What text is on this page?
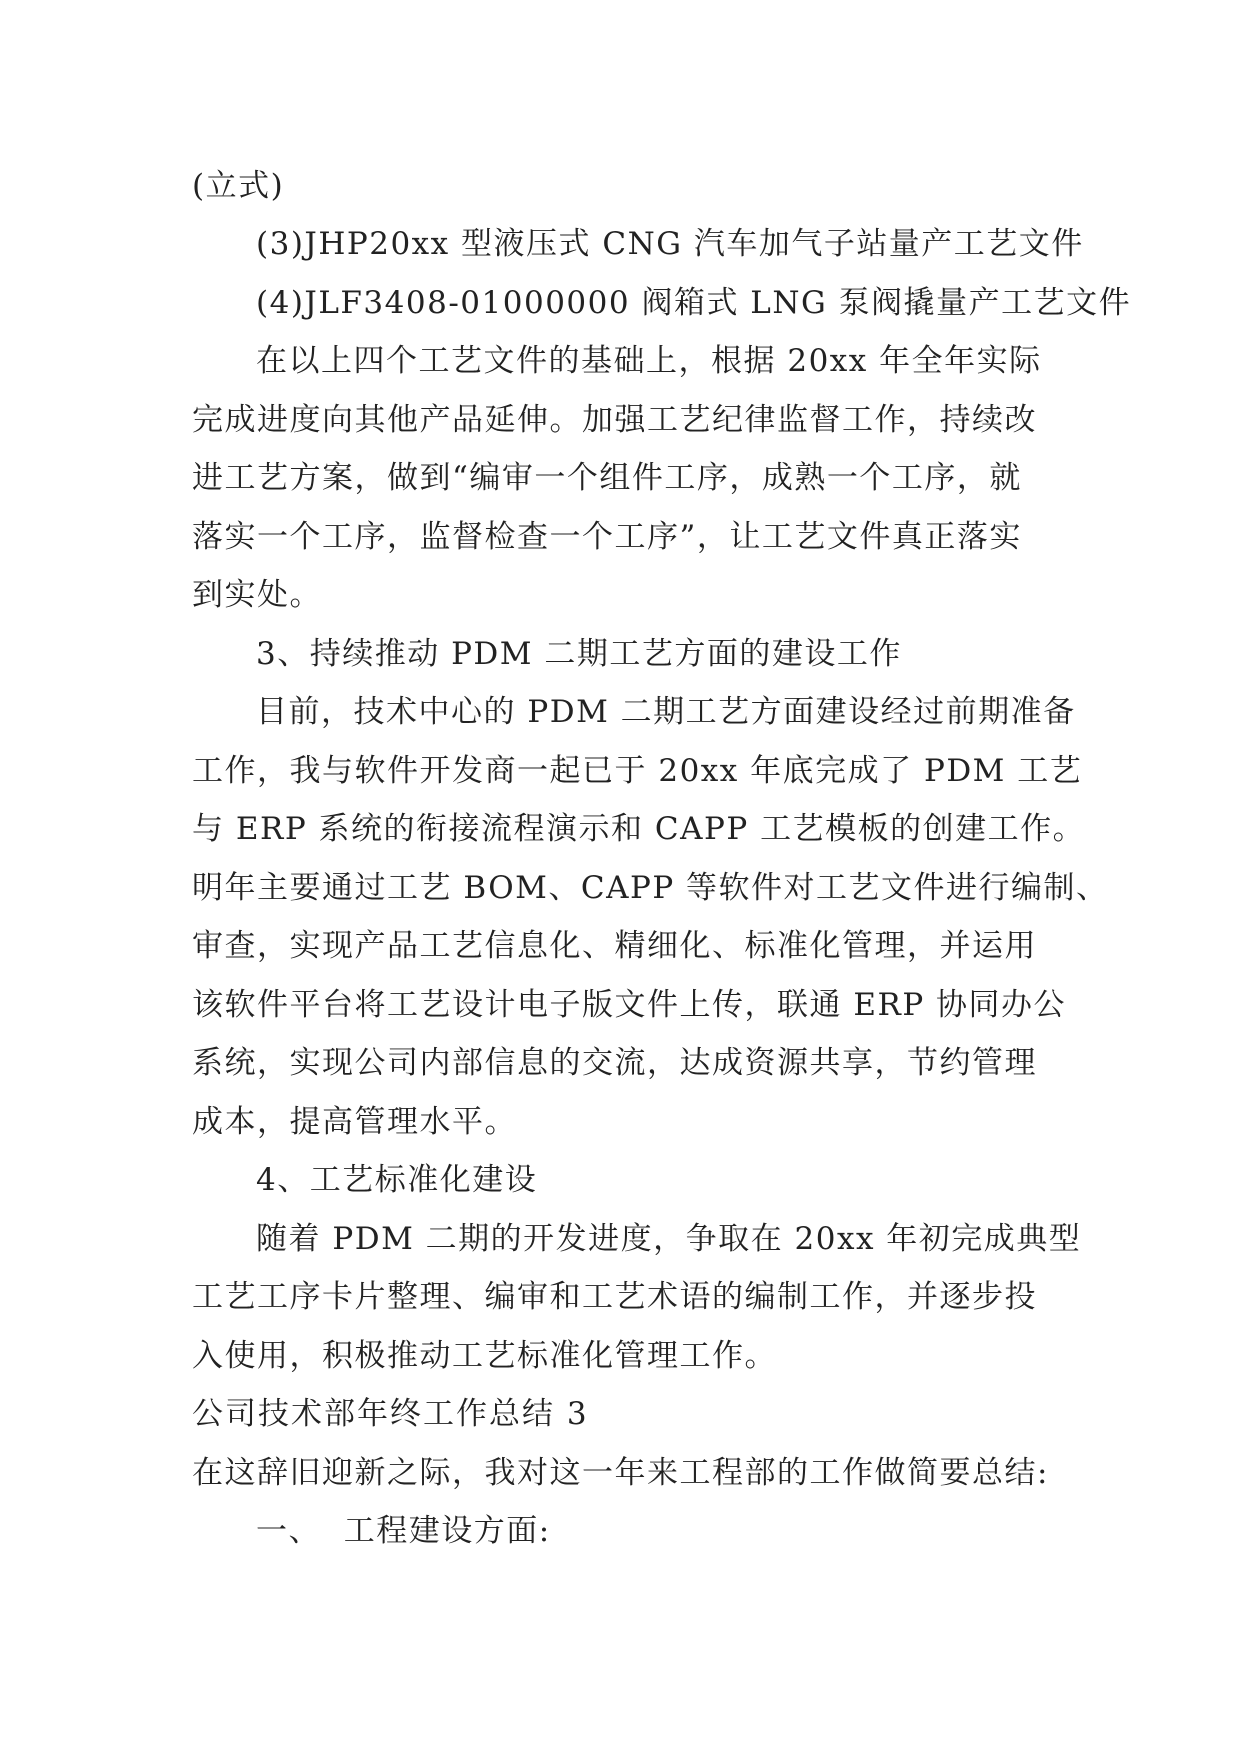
(立式)
(3)JHP20xx 型液压式 CNG 汽车加气子站量产工艺文件
(4)JLF3408-01000000 阀箱式 LNG 泵阀撬量产工艺文件
在以上四个工艺文件的基础上，根据 20xx 年全年实际
完成进度向其他产品延伸。加强工艺纪律监督工作，持续改
进工艺方案，做到“编审一个组件工序，成熟一个工序，就
落实一个工序，监督检查一个工序”，让工艺文件真正落实
到实处。
3、持续推动 PDM 二期工艺方面的建设工作
目前，技术中心的 PDM 二期工艺方面建设经过前期准备
工作，我与软件开发商一起已于 20xx 年底完成了 PDM 工艺
与 ERP 系统的衔接流程演示和 CAPP 工艺模板的创建工作。
明年主要通过工艺 BOM、CAPP 等软件对工艺文件进行编制、
审查，实现产品工艺信息化、精细化、标准化管理，并运用
该软件平台将工艺设计电子版文件上传，联通 ERP 协同办公
系统，实现公司内部信息的交流，达成资源共享，节约管理
成本，提高管理水平。
4、工艺标准化建设
随着 PDM 二期的开发进度，争取在 20xx 年初完成典型
工艺工序卡片整理、编审和工艺术语的编制工作，并逐步投
入使用，积极推动工艺标准化管理工作。
公司技术部年终工作总结 3
在这辞旧迎新之际，我对这一年来工程部的工作做简要总结:
一、  工程建设方面:
